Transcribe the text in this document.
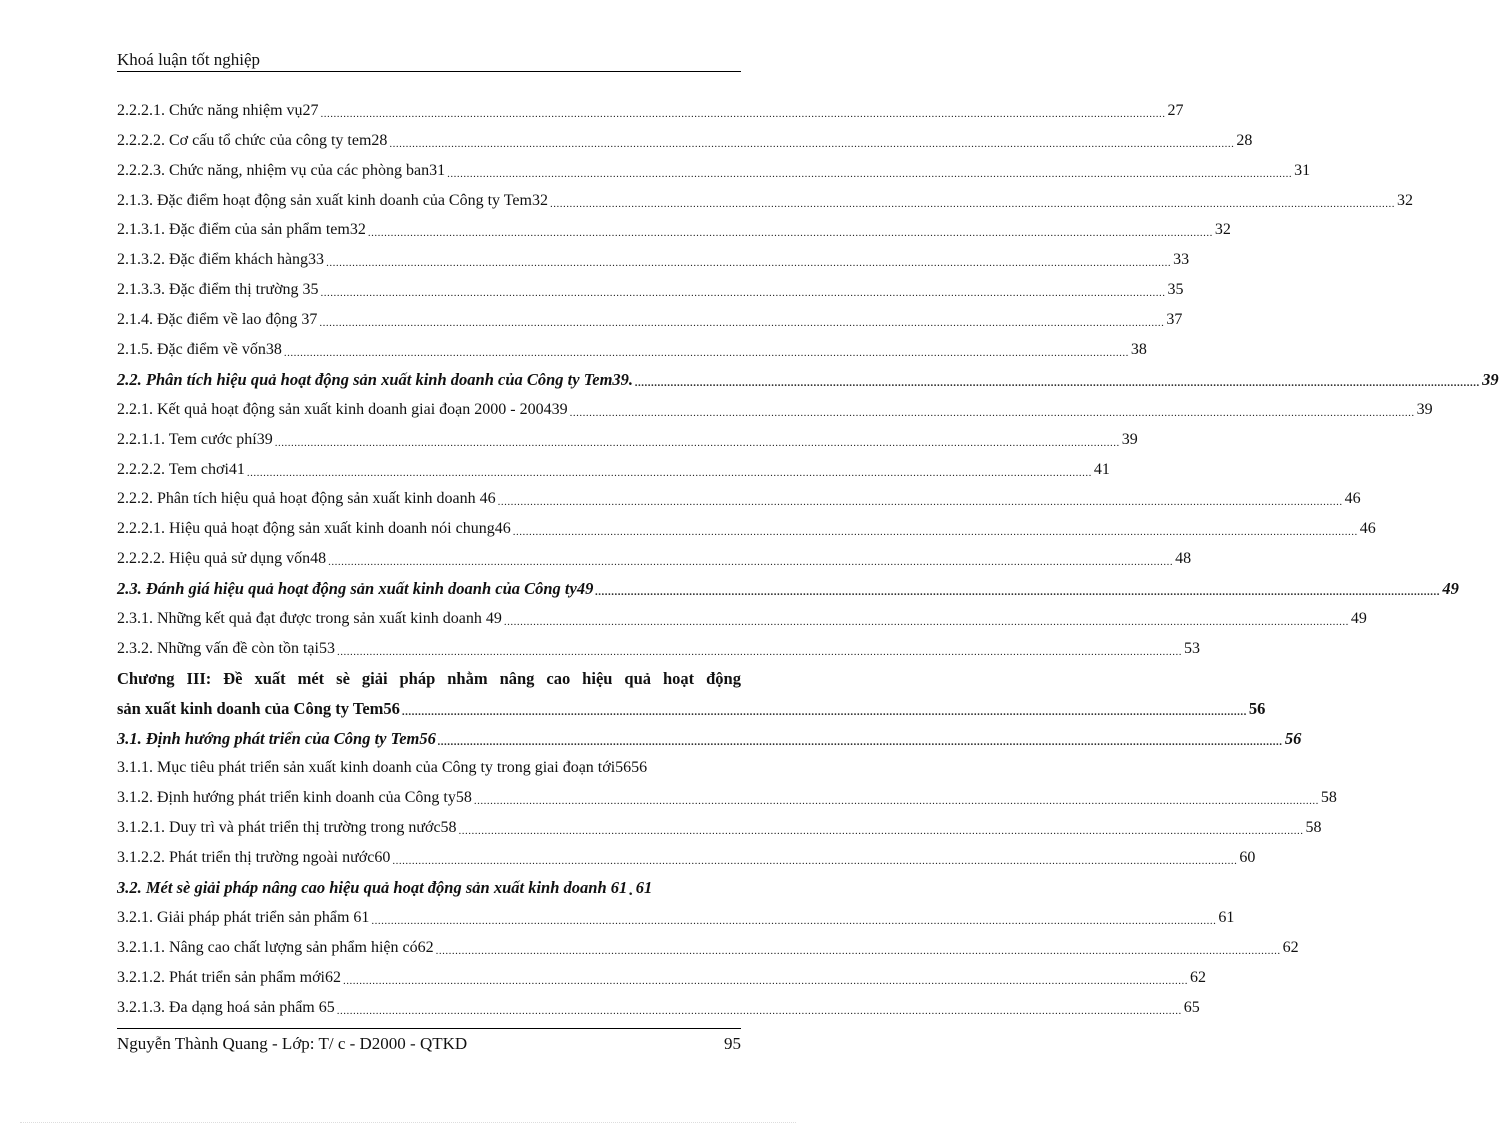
Khoá luận tốt nghiệp
2.2.2.1. Chức năng nhiệm vụ27 .................................................................................................................................................................................................................................................................... 27
2.2.2.2. Cơ cấu tổ chức của công ty tem28 .................................................................................................................................................................................................................................................................... 28
2.2.2.3. Chức năng, nhiệm vụ của các phòng ban31 .................................................................................................................................................................................................................................................................... 31
2.1.3. Đặc điểm hoạt động sản xuất kinh doanh của Công ty Tem32 .................................................................................................................................................................................................................................................................... 32
2.1.3.1. Đặc điểm của sản phẩm tem32 .................................................................................................................................................................................................................................................................... 32
2.1.3.2. Đặc điểm khách hàng33 .................................................................................................................................................................................................................................................................... 33
2.1.3.3. Đặc điểm thị trường 35 .................................................................................................................................................................................................................................................................... 35
2.1.4. Đặc điểm về lao động 37 .................................................................................................................................................................................................................................................................... 37
2.1.5. Đặc điểm về vốn38 .................................................................................................................................................................................................................................................................... 38
2.2. Phân tích hiệu quả hoạt động sản xuất kinh doanh của Công ty Tem39. .................................................................................................................................................................................................................................................................... 39
2.2.1. Kết quả hoạt động sản xuất kinh doanh giai đoạn 2000 - 200439 .................................................................................................................................................................................................................................................................... 39
2.2.1.1. Tem cước phí39 .................................................................................................................................................................................................................................................................... 39
2.2.2.2. Tem chơi41 .................................................................................................................................................................................................................................................................... 41
2.2.2. Phân tích hiệu quả hoạt động sản xuất kinh doanh 46 .................................................................................................................................................................................................................................................................... 46
2.2.2.1. Hiệu quả hoạt động sản xuất kinh doanh nói chung46 .................................................................................................................................................................................................................................................................... 46
2.2.2.2. Hiệu quả sử dụng vốn48 .................................................................................................................................................................................................................................................................... 48
2.3. Đánh giá hiệu quả hoạt động sản xuất kinh doanh của Công ty49 .................................................................................................................................................................................................................................................................... 49
2.3.1. Những kết quả đạt được trong sản xuất kinh doanh 49 .................................................................................................................................................................................................................................................................... 49
2.3.2. Những vấn đề còn tồn tại53 .................................................................................................................................................................................................................................................................... 53
Chương III: Đề xuất mét sè giải pháp nhằm nâng cao hiệu quả hoạt động
sản xuất kinh doanh của Công ty Tem56 .................................................................................................................................................................................................................................................................... 56
3.1. Định hướng phát triển của Công ty Tem56 .................................................................................................................................................................................................................................................................... 56
3.1.1. Mục tiêu phát triển sản xuất kinh doanh của Công ty trong giai đoạn tới56 56
3.1.2. Định hướng phát triển kinh doanh của Công ty58 .................................................................................................................................................................................................................................................................... 58
3.1.2.1. Duy trì và phát triển thị trường trong nước58 .................................................................................................................................................................................................................................................................... 58
3.1.2.2. Phát triển thị trường ngoài nước60 .................................................................................................................................................................................................................................................................... 60
3.2. Mét sè giải pháp nâng cao hiệu quả hoạt động sản xuất kinh doanh 61 . 61
3.2.1. Giải pháp phát triển sản phẩm 61 .................................................................................................................................................................................................................................................................... 61
3.2.1.1. Nâng cao chất lượng sản phẩm hiện có62 .................................................................................................................................................................................................................................................................... 62
3.2.1.2. Phát triển sản phẩm mới62 .................................................................................................................................................................................................................................................................... 62
3.2.1.3. Đa dạng hoá sản phẩm 65 .................................................................................................................................................................................................................................................................... 65
Nguyễn Thành Quang - Lớp: T/ c - D2000 - QTKD	95
